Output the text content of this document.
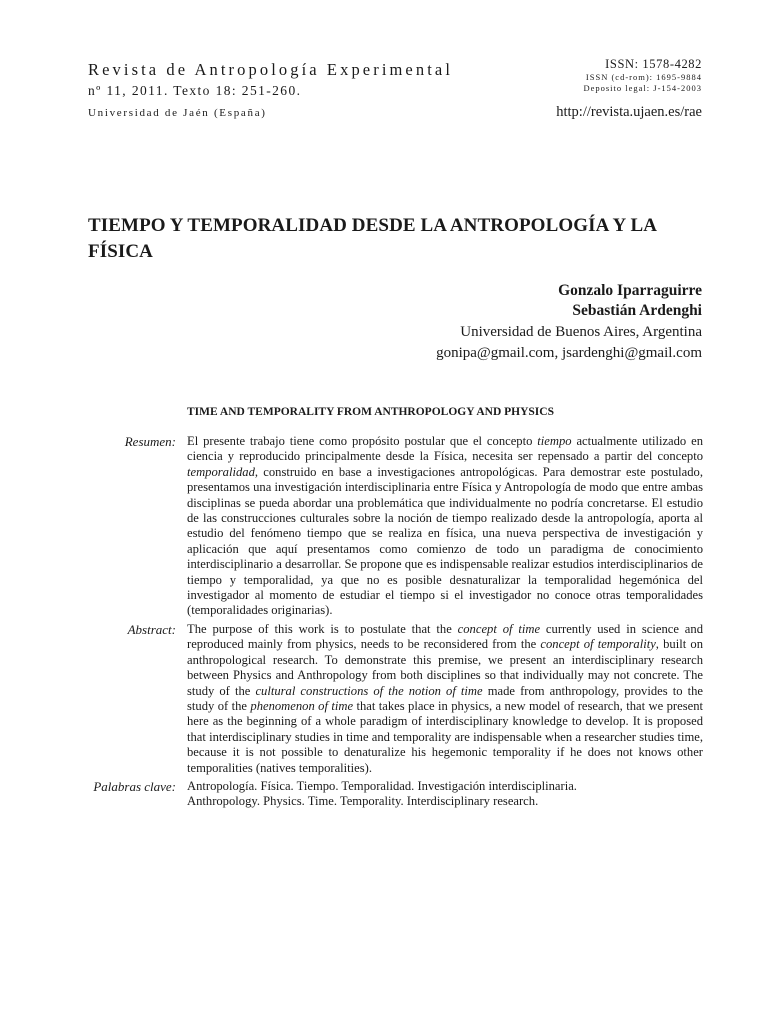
Revista de Antropología Experimental

nº 11, 2011. Texto 18: 251-260.

Universidad de Jaén (España)

ISSN: 1578-4282

ISSN (cd-rom): 1695-9884

Deposito legal: J-154-2003

http://revista.ujaen.es/rae

TIEMPO Y TEMPORALIDAD DESDE LA ANTROPOLOGÍA Y LA FÍSICA

Gonzalo Iparraguirre

Sebastián Ardenghi

Universidad de Buenos Aires, Argentina

gonipa@gmail.com, jsardenghi@gmail.com

TIME AND TEMPORALITY FROM ANTHROPOLOGY AND PHYSICS

Resumen: El presente trabajo tiene como propósito postular que el concepto tiempo actualmente utilizado en ciencia y reproducido principalmente desde la Física, necesita ser repensado a partir del concepto temporalidad, construido en base a investigaciones antropológicas. Para demostrar este postulado, presentamos una investigación interdisciplinaria entre Física y Antropología de modo que entre ambas disciplinas se pueda abordar una problemática que individualmente no podría concretarse. El estudio de las construcciones culturales sobre la noción de tiempo realizado desde la antropología, aporta al estudio del fenómeno tiempo que se realiza en física, una nueva perspectiva de investigación y aplicación que aquí presentamos como comienzo de todo un paradigma de conocimiento interdisciplinario a desarrollar. Se propone que es indispensable realizar estudios interdisciplinarios de tiempo y temporalidad, ya que no es posible desnaturalizar la temporalidad hegemónica del investigador al momento de estudiar el tiempo si el investigador no conoce otras temporalidades (temporalidades originarias).

Abstract: The purpose of this work is to postulate that the concept of time currently used in science and reproduced mainly from physics, needs to be reconsidered from the concept of temporality, built on anthropological research. To demonstrate this premise, we present an interdisciplinary research between Physics and Anthropology from both disciplines so that individually may not concrete. The study of the cultural constructions of the notion of time made from anthropology, provides to the study of the phenomenon of time that takes place in physics, a new model of research, that we present here as the beginning of a whole paradigm of interdisciplinary knowledge to develop. It is proposed that interdisciplinary studies in time and temporality are indispensable when a researcher studies time, because it is not possible to denaturalize his hegemonic temporality if he does not knows other temporalities (natives temporalities).

Palabras clave: Antropología. Física. Tiempo. Temporalidad. Investigación interdisciplinaria.

Anthropology. Physics. Time. Temporality. Interdisciplinary research.
